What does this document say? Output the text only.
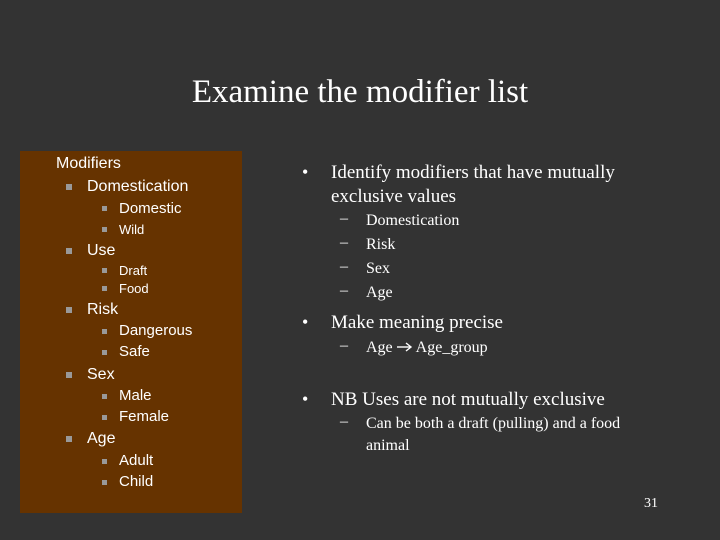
Examine the modifier list
Modifiers
Domestication
Domestic
Wild
Use
Draft
Food
Risk
Dangerous
Safe
Sex
Male
Female
Age
Adult
Child
• Identify modifiers that have mutually
exclusive values
– Domestication
– Risk
– Sex
– Age
• Make meaning precise
– Age Age_group
• NB Uses are not mutually exclusive
– Can be both a draft (pulling) and a food
animal
31
